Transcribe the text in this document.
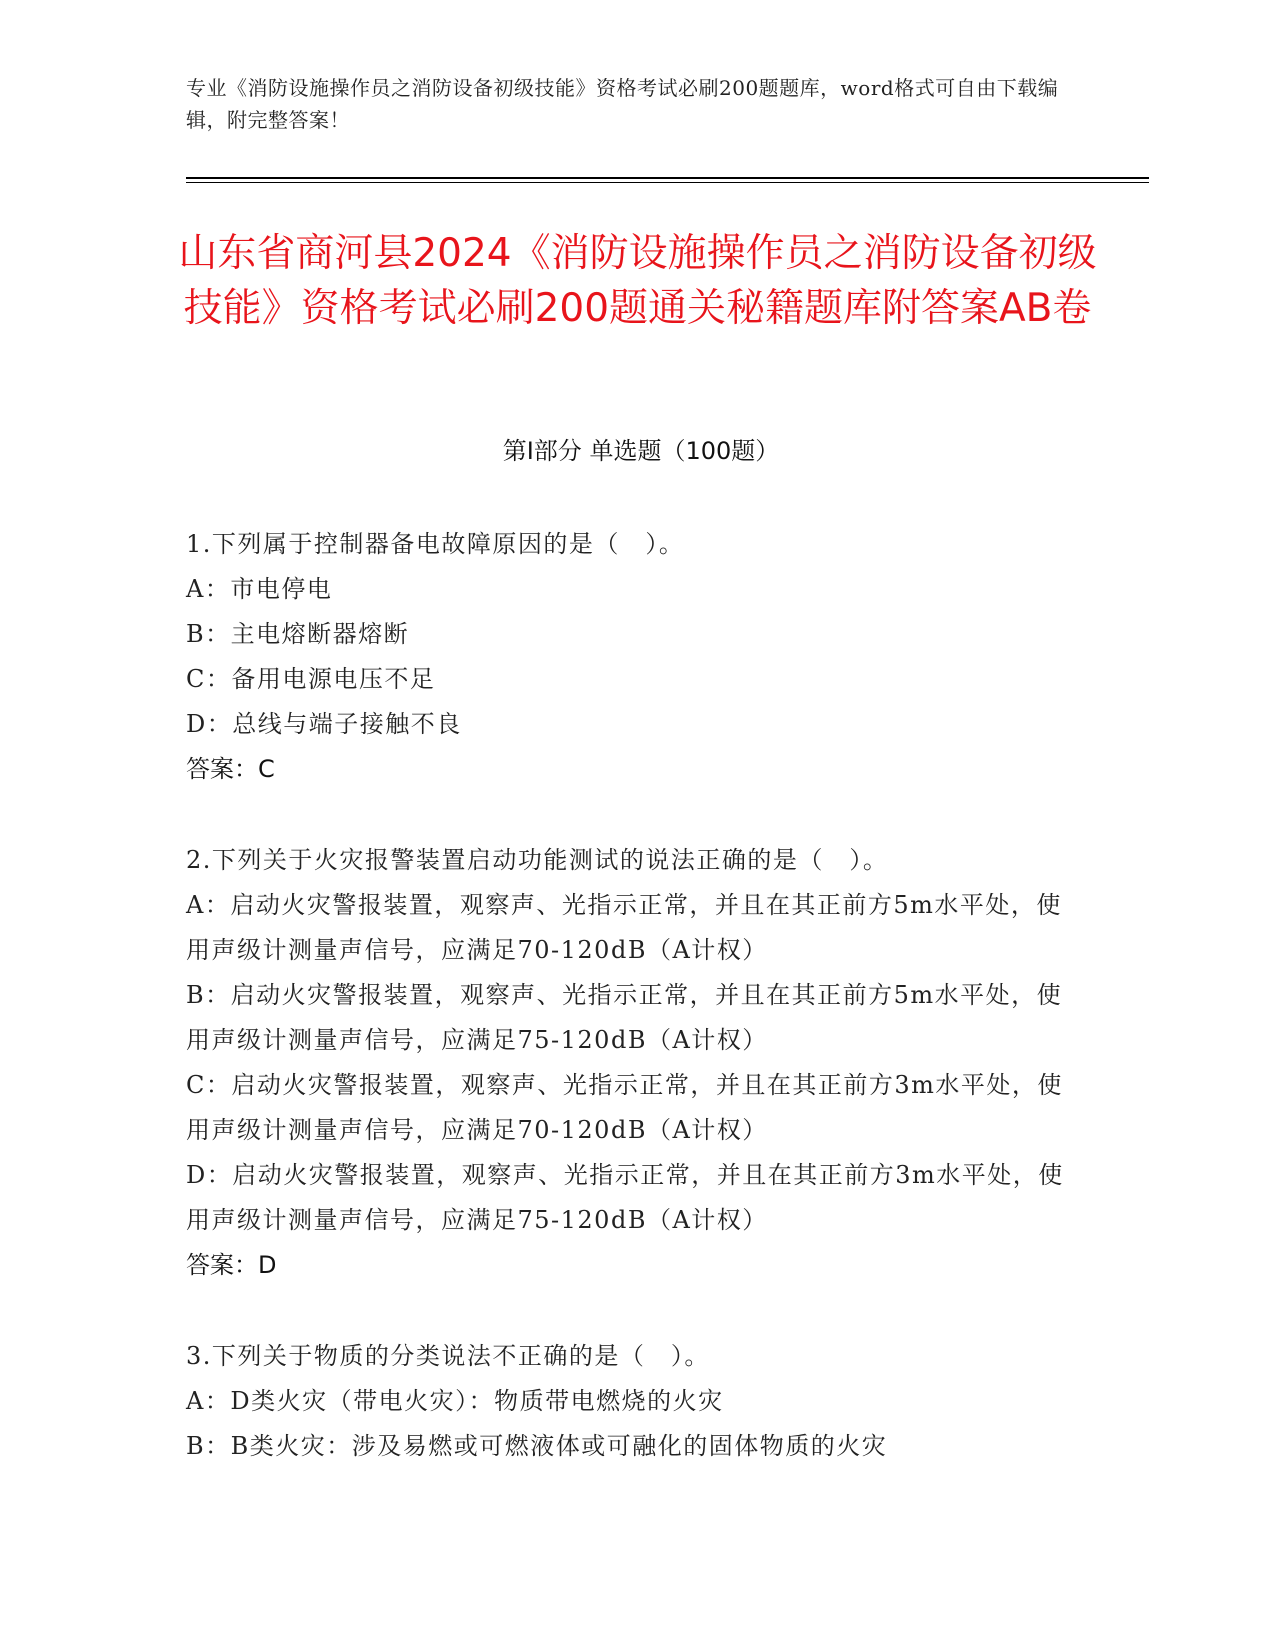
专业《消防设施操作员之消防设备初级技能》资格考试必刷200题题库，word格式可自由下载编辑，附完整答案！
山东省商河县2024《消防设施操作员之消防设备初级技能》资格考试必刷200题通关秘籍题库附答案AB卷
第Ⅰ部分 单选题（100题）
1.下列属于控制器备电故障原因的是（　）。
A：市电停电
B：主电熔断器熔断
C：备用电源电压不足
D：总线与端子接触不良
答案：C
2.下列关于火灾报警装置启动功能测试的说法正确的是（　）。
A：启动火灾警报装置，观察声、光指示正常，并且在其正前方5m水平处，使用声级计测量声信号，应满足70-120dB（A计权）
B：启动火灾警报装置，观察声、光指示正常，并且在其正前方5m水平处，使用声级计测量声信号，应满足75-120dB（A计权）
C：启动火灾警报装置，观察声、光指示正常，并且在其正前方3m水平处，使用声级计测量声信号，应满足70-120dB（A计权）
D：启动火灾警报装置，观察声、光指示正常，并且在其正前方3m水平处，使用声级计测量声信号，应满足75-120dB（A计权）
答案：D
3.下列关于物质的分类说法不正确的是（　）。
A：D类火灾（带电火灾）：物质带电燃烧的火灾
B：B类火灾：涉及易燃或可燃液体或可融化的固体物质的火灾
